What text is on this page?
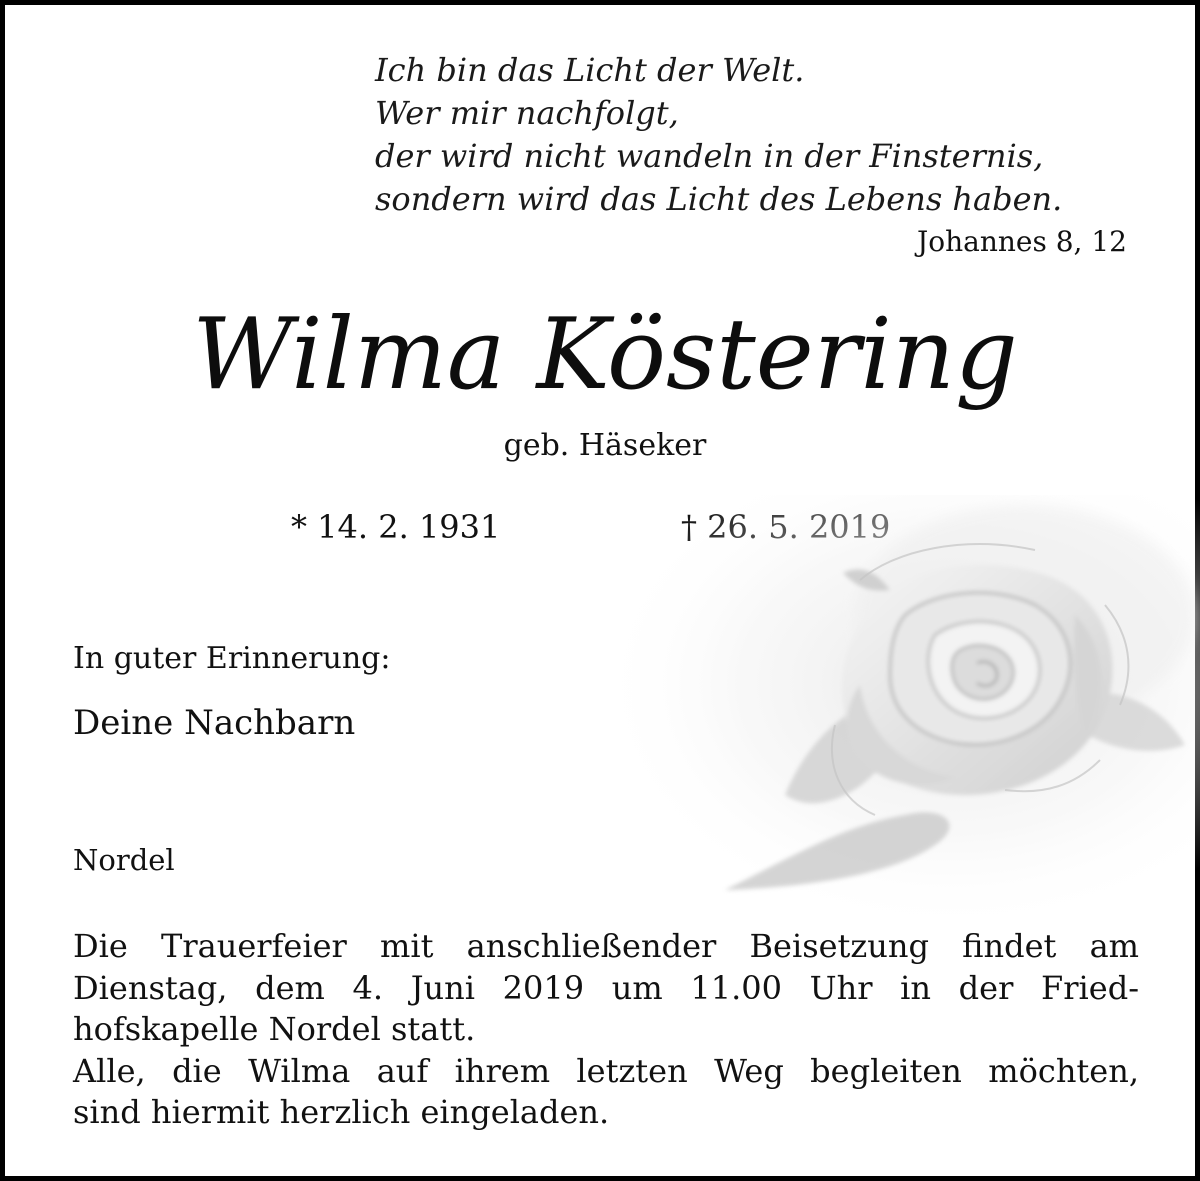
Ich bin das Licht der Welt.
Wer mir nachfolgt,
der wird nicht wandeln in der Finsternis,
sondern wird das Licht des Lebens haben.
Johannes 8, 12
Wilma Köstering
geb. Häseker
* 14. 2. 1931
In guter Erinnerung:
Deine Nachbarn
Nordel
Die Trauerfeier mit anschließender Beisetzung findet am
Dienstag, dem 4. Juni 2019 um 11.00 Uhr in der Fried-
hofskapelle Nordel statt.
Alle, die Wilma auf ihrem letzten Weg begleiten möchten,
sind hiermit herzlich eingeladen.
